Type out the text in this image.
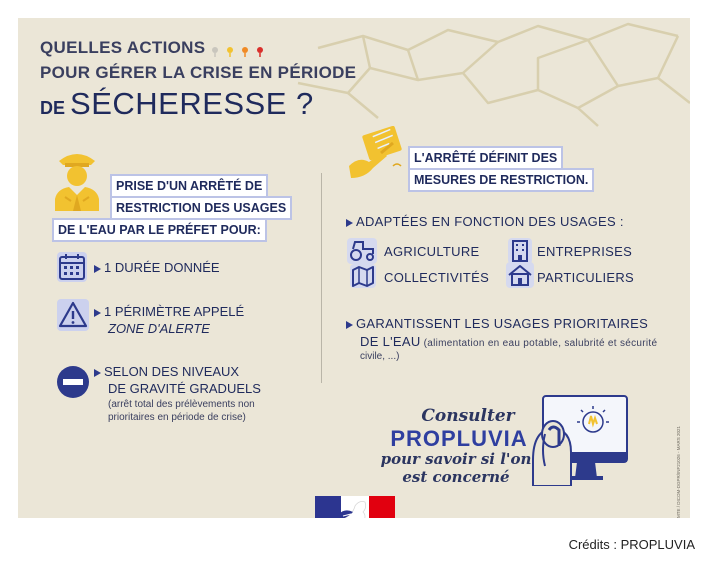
QUELLES ACTIONS
POUR GÉRER LA CRISE EN PÉRIODE
DE SÉCHERESSE ?
PRISE D'UN ARRÊTÉ DE
RESTRICTION DES USAGES
DE L'EAU PAR LE PRÉFET POUR:
1 DURÉE DONNÉE
1 PÉRIMÈTRE APPELÉ
ZONE D'ALERTE
SELON DES NIVEAUX
DE GRAVITÉ GRADUELS
(arrêt total des prélèvements non prioritaires en période de crise)
L'ARRÊTÉ DÉFINIT DES
MESURES DE RESTRICTION.
ADAPTÉES EN FONCTION DES USAGES :
AGRICULTURE	ENTREPRISES
COLLECTIVITÉS	PARTICULIERS
GARANTISSENT LES USAGES PRIORITAIRES
DE L'EAU (alimentation en eau potable, salubrité et sécurité
civile, ...)
Consulter
PROPLUVIA
pour savoir si l'on
est concerné	MTE / DICOM-DGPR/INF21026 - MARS 2021
Crédits : PROPLUVIA
